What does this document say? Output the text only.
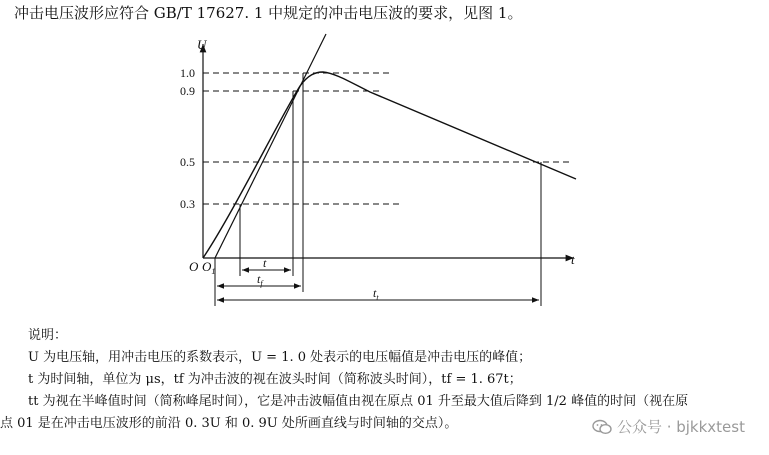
冲击电压波形应符合 GB/T 17627. 1 中规定的冲击电压波的要求，见图 1。
U
t
1.0
0.9
0.5
0.3
O $O_1$
t
$t_f$
$t_t$

说明：

U 为电压轴，用冲击电压的系数表示，U = 1. 0 处表示的电压幅值是冲击电压的峰值；

t 为时间轴，单位为 μs，tf 为冲击波的视在波头时间（简称波头时间），tf = 1. 67t；

tt 为视在半峰值时间（简称峰尾时间），它是冲击波幅值由视在原点 01 升至最大值后降到 1/2 峰值的时间（视在原

点 01 是在冲击电压波形的前沿 0. 3U 和 0. 9U 处所画直线与时间轴的交点）。	公众号 · bjkkxtest
